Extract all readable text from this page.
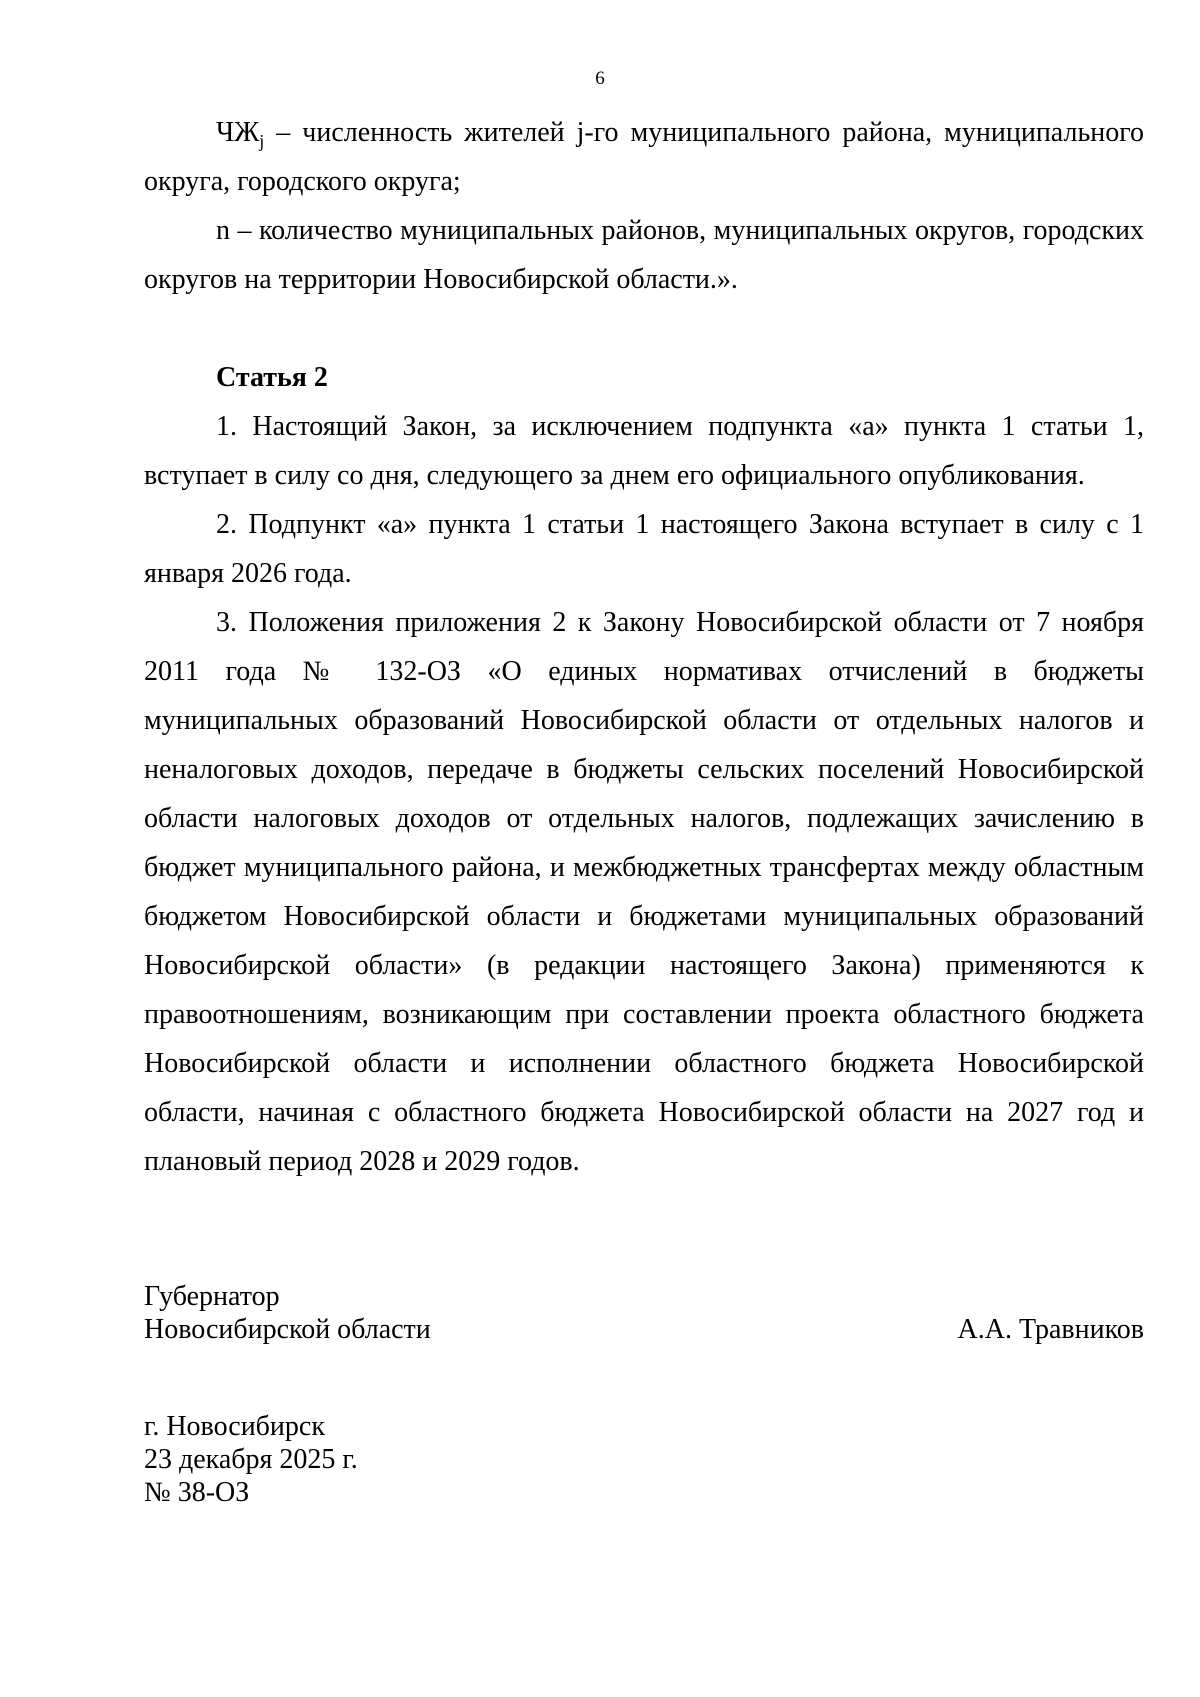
6

$ЧЖ_j$ – численность жителей j-го муниципального района, муниципального округа, городского округа;

n – количество муниципальных районов, муниципальных округов, городских округов на территории Новосибирской области.».

Статья 2

1. Настоящий Закон, за исключением подпункта «а» пункта 1 статьи 1, вступает в силу со дня, следующего за днем его официального опубликования.

2. Подпункт «а» пункта 1 статьи 1 настоящего Закона вступает в силу с 1 января 2026 года.

3. Положения приложения 2 к Закону Новосибирской области от 7 ноября 2011 года № 132-ОЗ «О единых нормативах отчислений в бюджеты муниципальных образований Новосибирской области от отдельных налогов и неналоговых доходов, передаче в бюджеты сельских поселений Новосибирской области налоговых доходов от отдельных налогов, подлежащих зачислению в бюджет муниципального района, и межбюджетных трансфертах между областным бюджетом Новосибирской области и бюджетами муниципальных образований Новосибирской области» (в редакции настоящего Закона) применяются к правоотношениям, возникающим при составлении проекта областного бюджета Новосибирской области и исполнении областного бюджета Новосибирской области, начиная с областного бюджета Новосибирской области на 2027 год и плановый период 2028 и 2029 годов.

Губернатор
Новосибирской области	А.А. Травников
г. Новосибирск
23 декабря 2025 г.
№ 38-ОЗ
